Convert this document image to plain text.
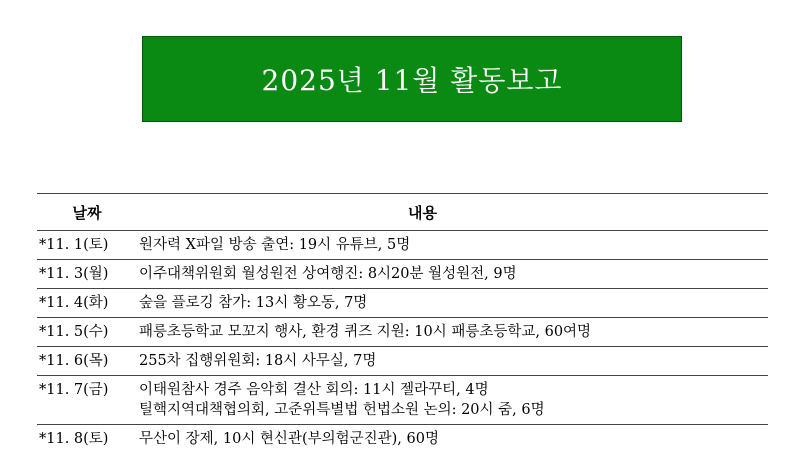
2025년 11월 활동보고
날짜	내용
*11. 1(토)	원자력 X파일 방송 출연: 19시 유튜브, 5명
*11. 3(월)	이주대책위원회 월성원전 상여행진: 8시20분 월성원전, 9명
*11. 4(화)	숲을 플로깅 참가: 13시 황오동, 7명
*11. 5(수)	패릉초등학교 모꼬지 행사, 환경 퀴즈 지원: 10시 패릉초등학교, 60여명
*11. 6(목)	255차 집행위원회: 18시 사무실, 7명
*11. 7(금)	이태원참사 경주 음악회 결산 회의: 11시 젤라꾸티, 4명
틸핵지역대책협의회, 고준위특별법 헌법소원 논의: 20시 줌, 6명
*11. 8(토)	무산이 장제, 10시 현신관(부의험군진관), 60명
